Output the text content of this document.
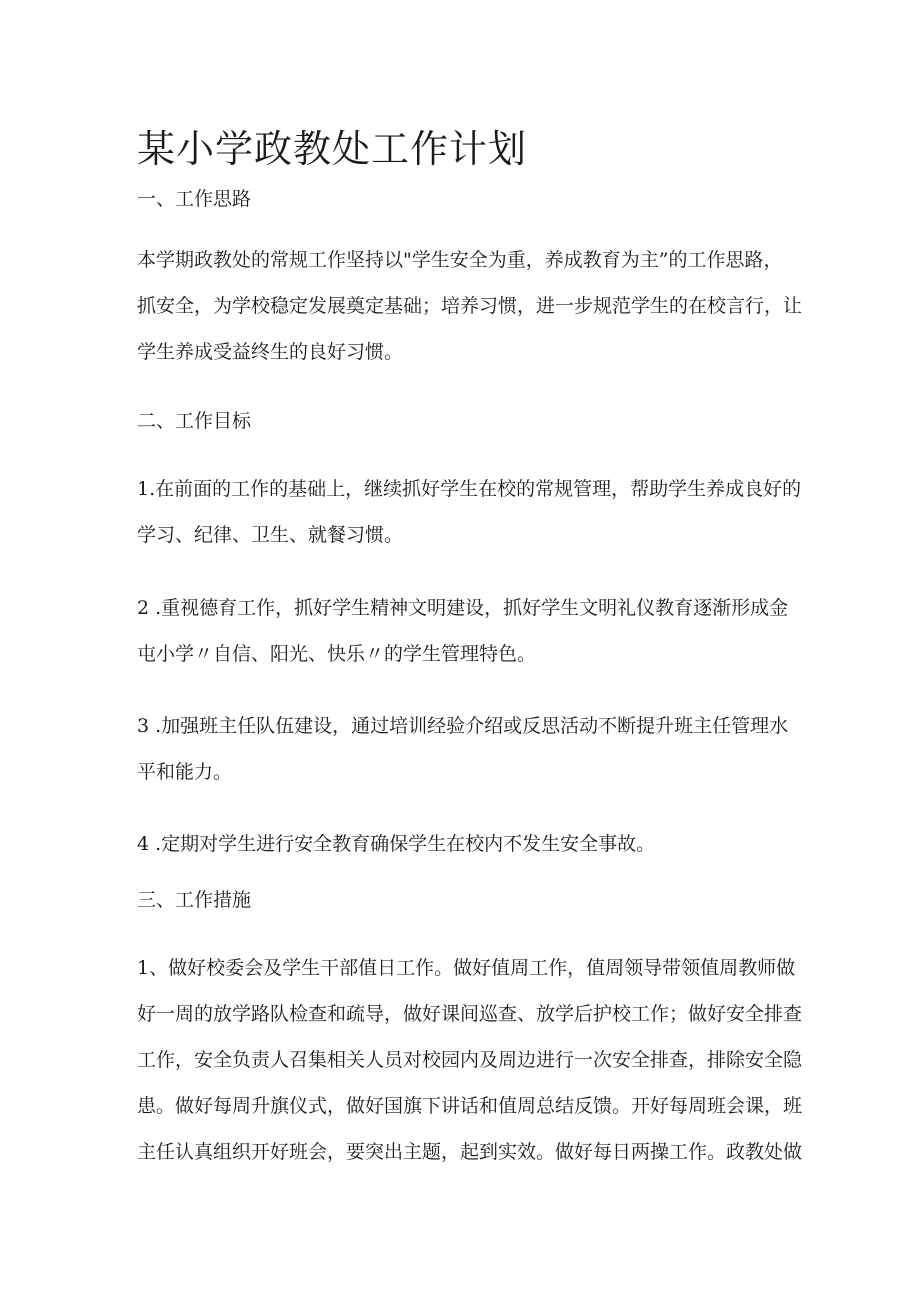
某小学政教处工作计划
一、工作思路

本学期政教处的常规工作坚持以"学生安全为重，养成教育为主”的工作思路，
抓安全，为学校稳定发展奠定基础；培养习惯，进一步规范学生的在校言行，让
学生养成受益终生的良好习惯。

二、工作目标

1.在前面的工作的基础上，继续抓好学生在校的常规管理，帮助学生养成良好的
学习、纪律、卫生、就餐习惯。

2 .重视德育工作，抓好学生精神文明建设，抓好学生文明礼仪教育逐渐形成金
屯小学〃自信、阳光、快乐〃的学生管理特色。

3 .加强班主任队伍建设，通过培训经验介绍或反思活动不断提升班主任管理水
平和能力。

4 .定期对学生进行安全教育确保学生在校内不发生安全事故。

三、工作措施

1、做好校委会及学生干部值日工作。做好值周工作，值周领导带领值周教师做
好一周的放学路队检查和疏导，做好课间巡查、放学后护校工作；做好安全排查
工作，安全负责人召集相关人员对校园内及周边进行一次安全排查，排除安全隐
患。做好每周升旗仪式，做好国旗下讲话和值周总结反馈。开好每周班会课，班
主任认真组织开好班会，要突出主题，起到实效。做好每日两操工作。政教处做
